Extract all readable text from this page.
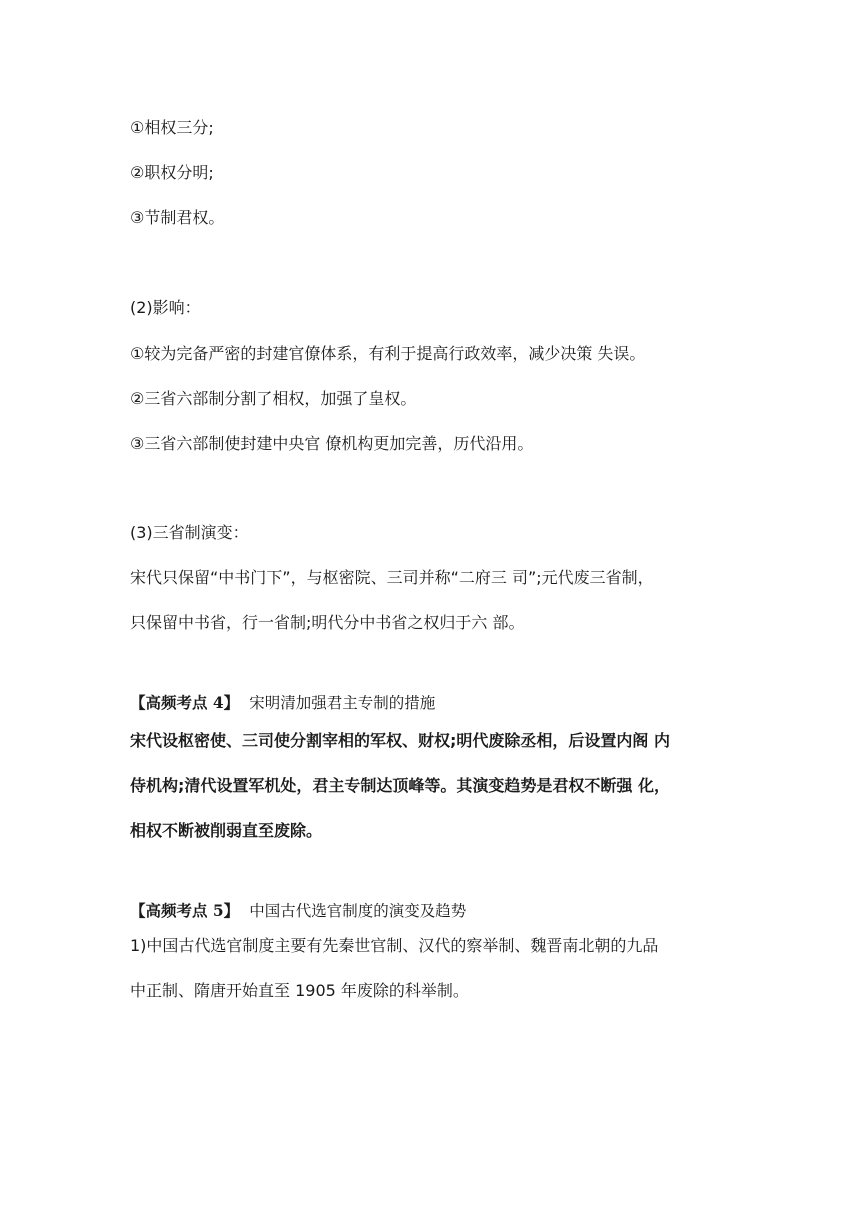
①相权三分;
②职权分明;
③节制君权。
(2)影响：
①较为完备严密的封建官僚体系，有利于提高行政效率，减少决策 失误。
②三省六部制分割了相权，加强了皇权。
③三省六部制使封建中央官 僚机构更加完善，历代沿用。
(3)三省制演变：
宋代只保留“中书门下”，与枢密院、三司并称“二府三 司”;元代废三省制，
只保留中书省，行一省制;明代分中书省之权归于六 部。
【高频考点 4】 宋明清加强君主专制的措施
宋代设枢密使、三司使分割宰相的军权、财权;明代废除丞相，后设置内阁 内
侍机构;清代设置军机处，君主专制达顶峰等。其演变趋势是君权不断强 化，
相权不断被削弱直至废除。
【高频考点 5】 中国古代选官制度的演变及趋势
1)中国古代选官制度主要有先秦世官制、汉代的察举制、魏晋南北朝的九品
中正制、隋唐开始直至 1905 年废除的科举制。
